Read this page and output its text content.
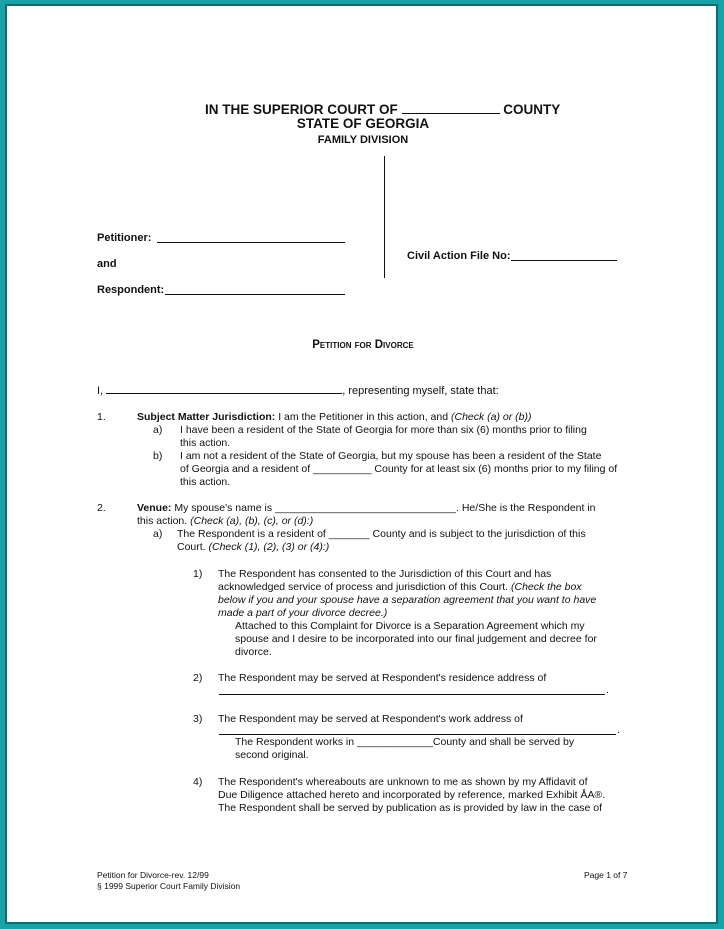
IN THE SUPERIOR COURT OF	COUNTY
STATE OF GEORGIA
FAMILY DIVISION
Petitioner:
and
Respondent:
Civil Action File No:
Petition for Divorce
I,	, representing myself, state that:
1.	Subject Matter Jurisdiction: I am the Petitioner in this action, and (Check (a) or (b))
a) I have been a resident of the State of Georgia for more than six (6) months prior to filing
this action.
b) I am not a resident of the State of Georgia, but my spouse has been a resident of the State
of Georgia and a resident of __________ County for at least six (6) months prior to my filing of
this action.
2.	Venue: My spouse's name is _______________________________. He/She is the Respondent in
this action. (Check (a), (b), (c), or (d):)
a) The Respondent is a resident of _______ County and is subject to the jurisdiction of this
Court. (Check (1), (2), (3) or (4):)
1) The Respondent has consented to the Jurisdiction of this Court and has
acknowledged service of process and jurisdiction of this Court. (Check the box
below if you and your spouse have a separation agreement that you want to have
made a part of your divorce decree.)
Attached to this Complaint for Divorce is a Separation Agreement which my
spouse and I desire to be incorporated into our final judgement and decree for
divorce.
2) The Respondent may be served at Respondent's residence address of
.
3) The Respondent may be served at Respondent's work address of
.
The Respondent works in _____________County and shall be served by
second original.
4) The Respondent's whereabouts are unknown to me as shown by my Affidavit of
Due Diligence attached hereto and incorporated by reference, marked Exhibit ÅA®.
The Respondent shall be served by publication as is provided by law in the case of
Petition for Divorce-rev. 12/99
§ 1999 Superior Court Family Division
Page 1 of 7
